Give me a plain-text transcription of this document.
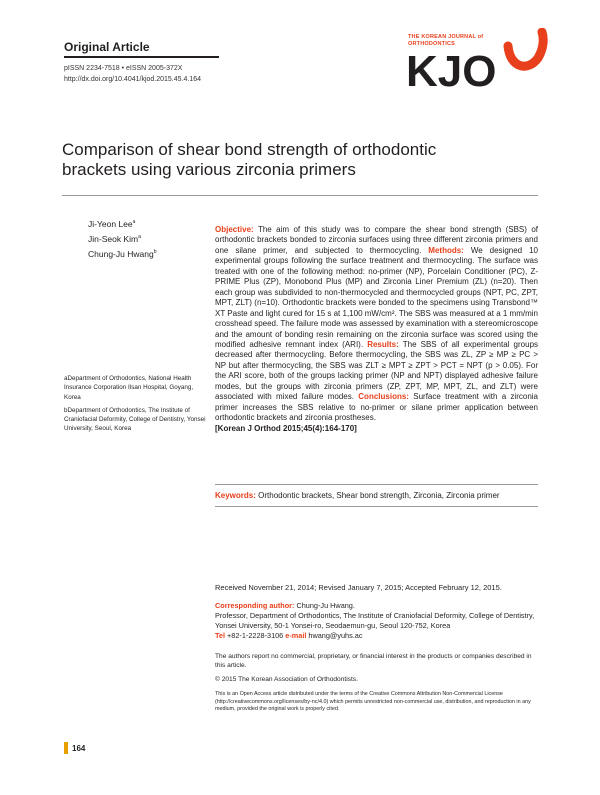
Original Article
pISSN 2234-7518 • eISSN 2005-372X
http://dx.doi.org/10.4041/kjod.2015.45.4.164
THE KOREAN JOURNAL of
ORTHODONTICS
KJO
Comparison of shear bond strength of orthodontic
brackets using various zirconia primers
Ji-Yeon Lee$^a$
Jin-Seok Kim$^a$
Chung-Ju Hwang$^b$

aDepartment of Orthodontics, National Health Insurance Corporation Ilsan Hospital, Goyang, Korea

bDepartment of Orthodontics, The Institute of Craniofacial Deformity, College of Dentistry, Yonsei University, Seoul, Korea

Objective: The aim of this study was to compare the shear bond strength (SBS) of orthodontic brackets bonded to zirconia surfaces using three different zirconia primers and one silane primer, and subjected to thermocycling. Methods: We designed 10 experimental groups following the surface treatment and thermocycling. The surface was treated with one of the following method: no-primer (NP), Porcelain Conditioner (PC), Z-PRIME Plus (ZP), Monobond Plus (MP) and Zirconia Liner Premium (ZL) (n=20). Then each group was subdivided to non-thermocycled and thermocycled groups (NPT, PC, ZPT, MPT, ZLT) (n=10). Orthodontic brackets were bonded to the specimens using Transbond™ XT Paste and light cured for 15 s at 1,100 mW/cm². The SBS was measured at a 1 mm/min crosshead speed. The failure mode was assessed by examination with a stereomicroscope and the amount of bonding resin remaining on the zirconia surface was scored using the modified adhesive remnant index (ARI). Results: The SBS of all experimental groups decreased after thermocycling. Before thermocycling, the SBS was ZL, ZP ≥ MP ≥ PC > NP but after thermocycling, the SBS was ZLT ≥ MPT ≥ ZPT > PCT = NPT (p > 0.05). For the ARI score, both of the groups lacking primer (NP and NPT) displayed adhesive failure modes, but the groups with zirconia primers (ZP, ZPT, MP, MPT, ZL, and ZLT) were associated with mixed failure modes. Conclusions: Surface treatment with a zirconia primer increases the SBS relative to no-primer or silane primer application between orthodontic brackets and zirconia prostheses.
[Korean J Orthod 2015;45(4):164-170]
Keywords: Orthodontic brackets, Shear bond strength, Zirconia, Zirconia primer
Received November 21, 2014; Revised January 7, 2015; Accepted February 12, 2015.
Corresponding author: Chung-Ju Hwang.
Professor, Department of Orthodontics, The Institute of Craniofacial Deformity, College of Dentistry, Yonsei University, 50-1 Yonsei-ro, Seodaemun-gu, Seoul 120-752, Korea
Tel +82-1-2228-3106 e-mail hwang@yuhs.ac
The authors report no commercial, proprietary, or financial interest in the products or companies described in this article.
© 2015 The Korean Association of Orthodontists.
This is an Open Access article distributed under the terms of the Creative Commons Attribution Non-Commercial License (http://creativecommons.org/licenses/by-nc/4.0) which permits unrestricted non-commercial use, distribution, and reproduction in any medium, provided the original work is properly cited.
164
